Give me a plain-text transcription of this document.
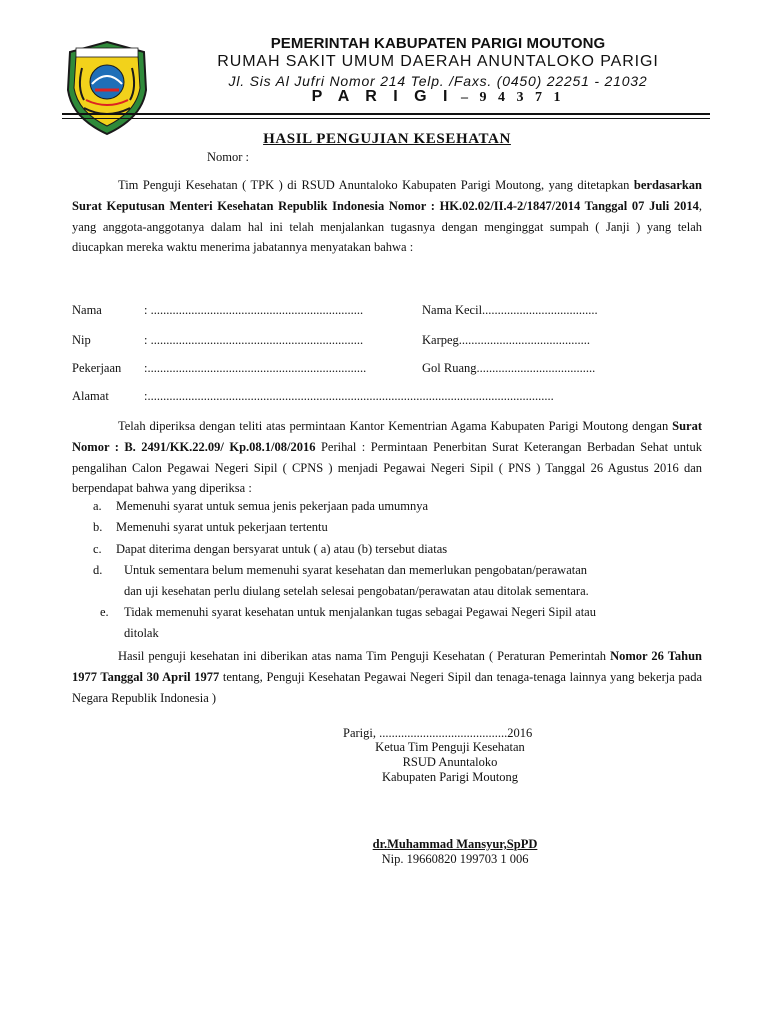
PEMERINTAH KABUPATEN PARIGI MOUTONG
RUMAH SAKIT UMUM DAERAH ANUNTALOKO PARIGI
Jl. Sis Al Jufri Nomor 214 Telp. /Faxs. (0450) 22251 - 21032
P A R I G I – 9 4 3 7 1
HASIL PENGUJIAN KESEHATAN
Nomor :
Tim Penguji Kesehatan ( TPK ) di RSUD Anuntaloko Kabupaten Parigi Moutong, yang ditetapkan berdasarkan Surat Keputusan Menteri Kesehatan Republik Indonesia Nomor : HK.02.02/II.4-2/1847/2014 Tanggal 07 Juli 2014, yang anggota-anggotanya dalam hal ini telah menjalankan tugasnya dengan menginggat sumpah ( Janji ) yang telah diucapkan mereka waktu menerima jabatannya menyatakan bahwa :
Nama	: ....................................................................	Nama Kecil.....................................
Nip	: ....................................................................	Karpeg..........................................
Pekerjaan :......................................................................	Gol Ruang......................................
Alamat	:..................................................................................................................................
Telah diperiksa dengan teliti atas permintaan Kantor Kementrian Agama Kabupaten Parigi Moutong dengan Surat Nomor : B. 2491/KK.22.09/ Kp.08.1/08/2016 Perihal : Permintaan Penerbitan Surat Keterangan Berbadan Sehat untuk pengalihan Calon Pegawai Negeri Sipil ( CPNS ) menjadi Pegawai Negeri Sipil ( PNS ) Tanggal 26 Agustus 2016 dan berpendapat bahwa yang diperiksa :
a. Memenuhi syarat untuk semua jenis pekerjaan pada umumnya
b. Memenuhi syarat untuk pekerjaan tertentu
c. Dapat diterima dengan bersyarat untuk ( a) atau (b) tersebut diatas
d. Untuk sementara belum memenuhi syarat kesehatan dan memerlukan pengobatan/perawatan
dan uji kesehatan perlu diulang setelah selesai pengobatan/perawatan atau ditolak sementara.
e. Tidak memenuhi syarat kesehatan untuk menjalankan tugas sebagai Pegawai Negeri Sipil atau
ditolak
Hasil penguji kesehatan ini diberikan atas nama Tim Penguji Kesehatan ( Peraturan Pemerintah Nomor 26 Tahun 1977 Tanggal 30 April 1977 tentang, Penguji Kesehatan Pegawai Negeri Sipil dan tenaga-tenaga lainnya yang bekerja pada Negara Republik Indonesia )
Parigi, .........................................2016
Ketua Tim Penguji Kesehatan
RSUD Anuntaloko
Kabupaten Parigi Moutong
dr.Muhammad Mansyur,SpPD
Nip. 19660820 199703 1 006
